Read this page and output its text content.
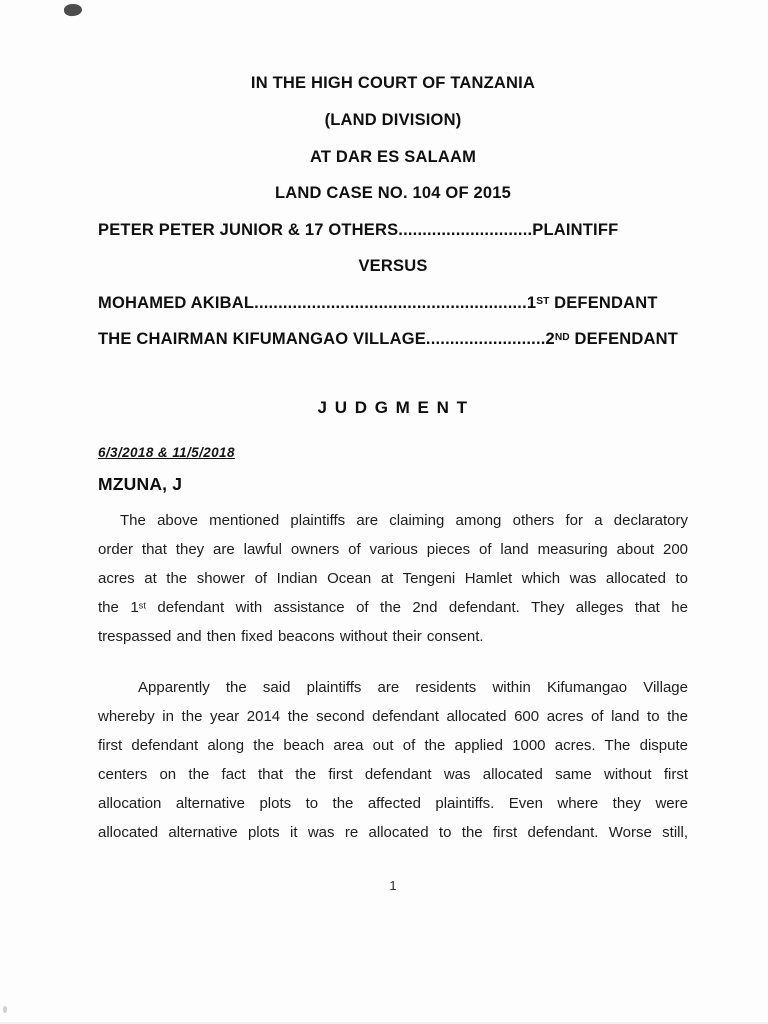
IN THE HIGH COURT OF TANZANIA
(LAND DIVISION)
AT DAR ES SALAAM
LAND CASE NO. 104 OF 2015
PETER PETER JUNIOR & 17 OTHERS............................PLAINTIFF
VERSUS
MOHAMED AKIBAL.........................................................1ST DEFENDANT
THE CHAIRMAN KIFUMANGAO VILLAGE.........................2ND DEFENDANT
J U D G M E N T
6/3/2018 & 11/5/2018
MZUNA, J
The above mentioned plaintiffs are claiming among others for a declaratory
order that they are lawful owners of various pieces of land measuring about 200
acres at the shower of Indian Ocean at Tengeni Hamlet which was allocated to
the 1st defendant with assistance of the 2nd defendant. They alleges that he
trespassed and then fixed beacons without their consent.
Apparently the said plaintiffs are residents within Kifumangao Village
whereby in the year 2014 the second defendant allocated 600 acres of land to the
first defendant along the beach area out of the applied 1000 acres. The dispute
centers on the fact that the first defendant was allocated same without first
allocation alternative plots to the affected plaintiffs. Even where they were
allocated alternative plots it was re allocated to the first defendant. Worse still,
1
